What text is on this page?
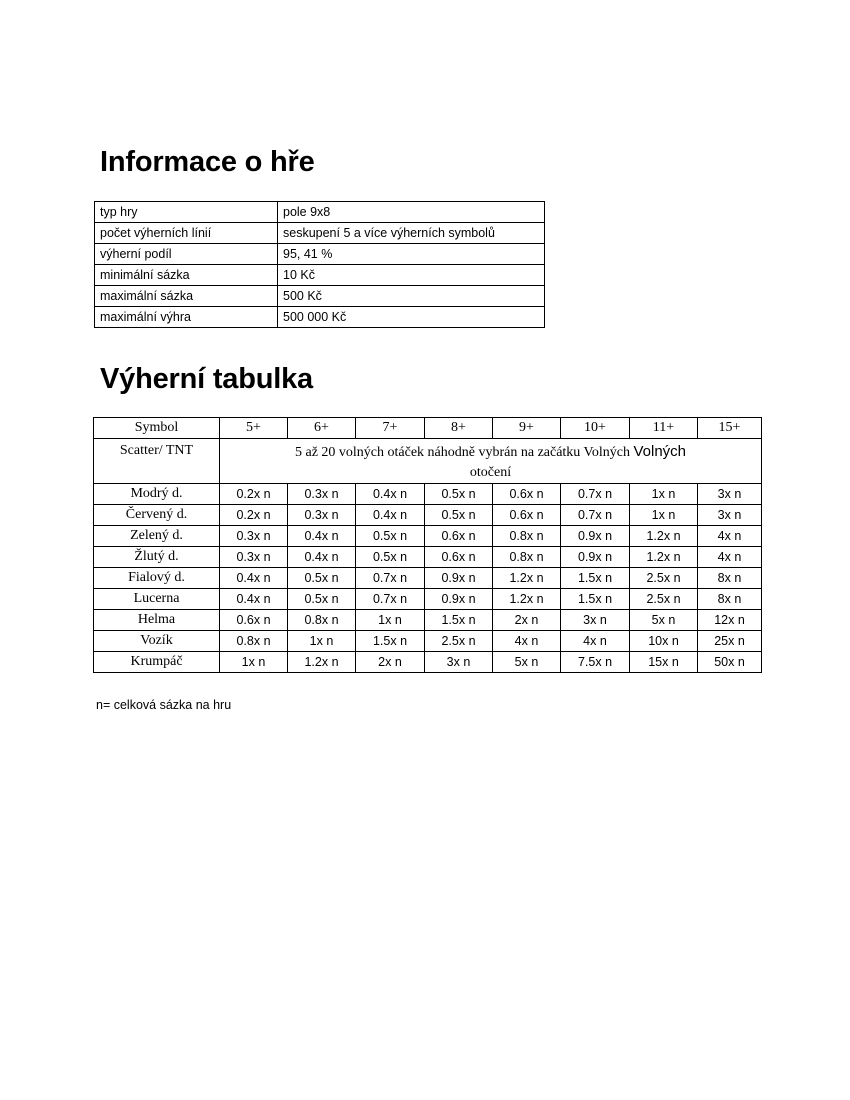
Informace o hře
typ hry	pole 9x8
počet výherních línií	seskupení 5 a více výherních symbolů
výherní podíl	95, 41 %
minimální sázka	10 Kč
maximální sázka	500 Kč
maximální výhra	500 000 Kč
Výherní tabulka
Symbol	5+	6+	7+	8+	9+	10+	11+	15+
Scatter/ TNT	5 až 20 volných otáček náhodně vybrán na začátku Volných Volných
otočení							
Modrý d.	0.2x n	0.3x n	0.4x n	0.5x n	0.6x n	0.7x n	1x n	3x n
Červený d.	0.2x n	0.3x n	0.4x n	0.5x n	0.6x n	0.7x n	1x n	3x n
Zelený d.	0.3x n	0.4x n	0.5x n	0.6x n	0.8x n	0.9x n	1.2x n	4x n
Žlutý d.	0.3x n	0.4x n	0.5x n	0.6x n	0.8x n	0.9x n	1.2x n	4x n
Fialový d.	0.4x n	0.5x n	0.7x n	0.9x n	1.2x n	1.5x n	2.5x n	8x n
Lucerna	0.4x n	0.5x n	0.7x n	0.9x n	1.2x n	1.5x n	2.5x n	8x n
Helma	0.6x n	0.8x n	1x n	1.5x n	2x n	3x n	5x n	12x n
Vozík	0.8x n	1x n	1.5x n	2.5x n	4x n	4x n	10x n	25x n
Krumpáč	1x n	1.2x n	2x n	3x n	5x n	7.5x n	15x n	50x n
n= celková sázka na hru
